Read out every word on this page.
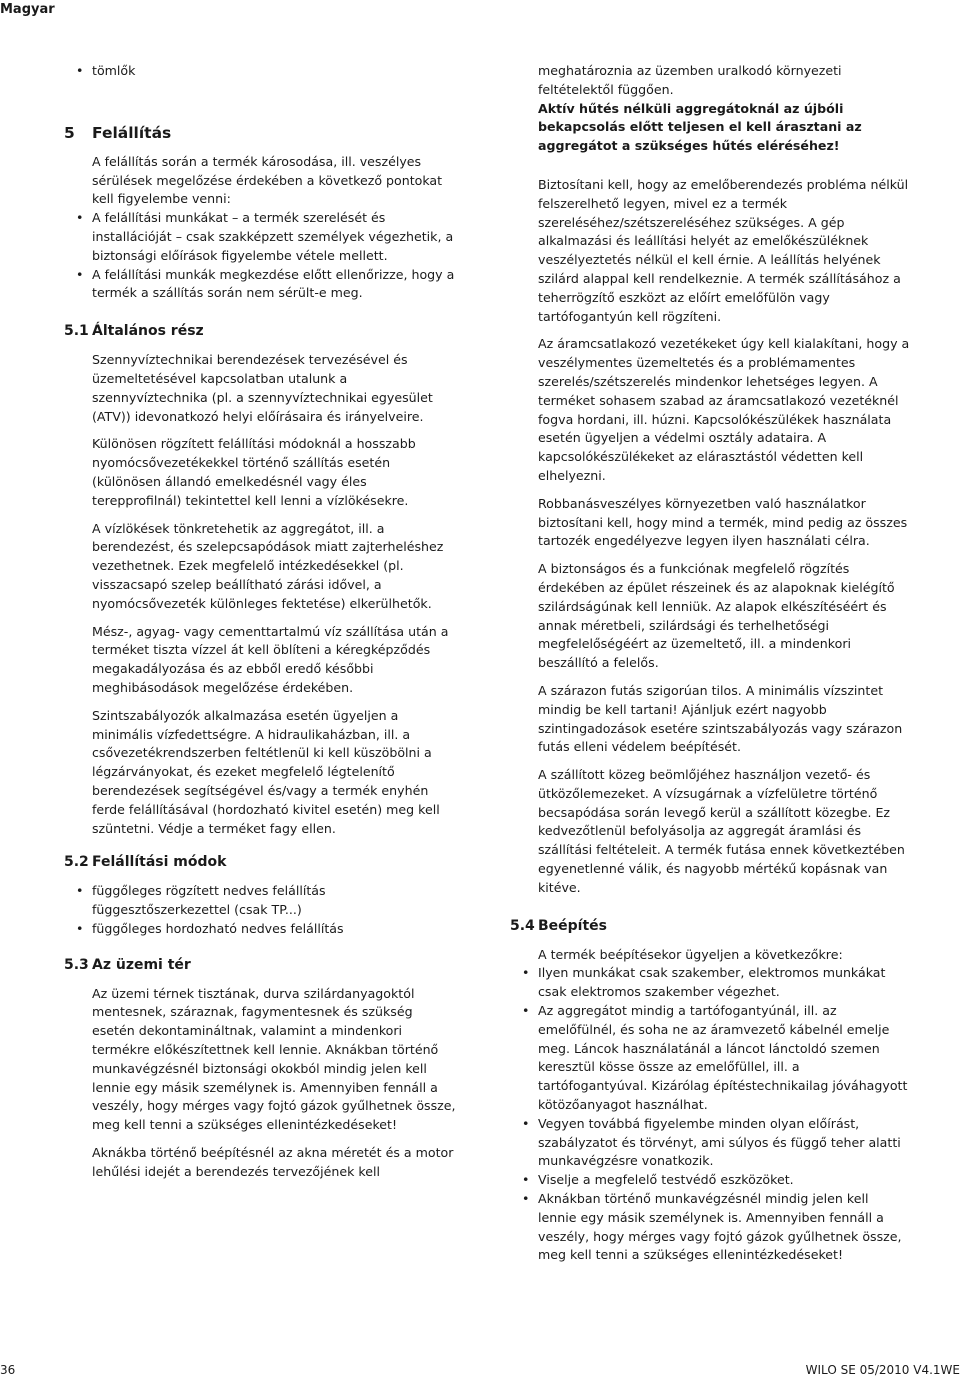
Magyar
• tömlők
5	Felállítás

A felállítás során a termék károsodása, ill. veszélyes sérülések megelőzése érdekében a következő pontokat kell figyelembe venni:

• A felállítási munkákat – a termék szerelését és installációját – csak szakképzett személyek végezhetik, a biztonsági előírások figyelembe vétele mellett.
• A felállítási munkák megkezdése előtt ellenőrizze, hogy a termék a szállítás során nem sérült-e meg.
5.1 Általános rész

Szennyvíztechnikai berendezések tervezésével és üzemeltetésével kapcsolatban utalunk a szennyvíztechnika (pl. a szennyvíztechnikai egyesület (ATV)) idevonatkozó helyi előírásaira és irányelveire.

Különösen rögzített felállítási módoknál a hosszabb nyomócsővezetékekkel történő szállítás esetén (különösen állandó emelkedésnél vagy éles terepprofilnál) tekintettel kell lenni a vízlökésekre.

A vízlökések tönkretehetik az aggregátot, ill. a berendezést, és szelepcsapódások miatt zajterheléshez vezethetnek. Ezek megfelelő intézkedésekkel (pl. visszacsapó szelep beállítható zárási idővel, a nyomócsővezeték különleges fektetése) elkerülhetők.

Mész-, agyag- vagy cementtartalmú víz szállítása után a terméket tiszta vízzel át kell öblíteni a kéregképződés megakadályozása és az ebből eredő későbbi meghibásodások megelőzése érdekében.

Szintszabályozók alkalmazása esetén ügyeljen a minimális vízfedettségre. A hidraulikaházban, ill. a csővezetékrendszerben feltétlenül ki kell küszöbölni a légzárványokat, és ezeket megfelelő légtelenítő berendezések segítségével és/vagy a termék enyhén ferde felállításával (hordozható kivitel esetén) meg kell szüntetni. Védje a terméket fagy ellen.

5.2 Felállítási módok
• függőleges rögzített nedves felállítás függesztőszerkezettel (csak TP...)
• függőleges hordozható nedves felállítás
5.3 Az üzemi tér

Az üzemi térnek tisztának, durva szilárdanyagoktól mentesnek, száraznak, fagymentesnek és szükség esetén dekontamináltnak, valamint a mindenkori termékre előkészítettnek kell lennie. Aknákban történő munkavégzésnél biztonsági okokból mindig jelen kell lennie egy másik személynek is. Amennyiben fennáll a veszély, hogy mérges vagy fojtó gázok gyűlhetnek össze, meg kell tenni a szükséges ellenintézkedéseket!

Aknákba történő beépítésnél az akna méretét és a motor lehűlési idejét a berendezés tervezőjének kell

meghatároznia az üzemben uralkodó környezeti feltételektől függően.

Aktív hűtés nélküli aggregátoknál az újbóli bekapcsolás előtt teljesen el kell árasztani az aggregátot a szükséges hűtés eléréséhez!

Biztosítani kell, hogy az emelőberendezés probléma nélkül felszerelhető legyen, mivel ez a termék szereléséhez/szétszereléséhez szükséges. A gép alkalmazási és leállítási helyét az emelőkészüléknek veszélyeztetés nélkül el kell érnie. A leállítás helyének szilárd alappal kell rendelkeznie. A termék szállításához a teherrögzítő eszközt az előírt emelőfülön vagy tartófogantyún kell rögzíteni.

Az áramcsatlakozó vezetékeket úgy kell kialakítani, hogy a veszélymentes üzemeltetés és a problémamentes szerelés/szétszerelés mindenkor lehetséges legyen. A terméket sohasem szabad az áramcsatlakozó vezetéknél fogva hordani, ill. húzni. Kapcsolókészülékek használata esetén ügyeljen a védelmi osztály adataira. A kapcsolókészülékeket az elárasztástól védetten kell elhelyezni.

Robbanásveszélyes környezetben való használatkor biztosítani kell, hogy mind a termék, mind pedig az összes tartozék engedélyezve legyen ilyen használati célra.

A biztonságos és a funkciónak megfelelő rögzítés érdekében az épület részeinek és az alapoknak kielégítő szilárdságúnak kell lenniük. Az alapok elkészítéséért és annak méretbeli, szilárdsági és terhelhetőségi megfelelőségéért az üzemeltető, ill. a mindenkori beszállító a felelős.

A szárazon futás szigorúan tilos. A minimális vízszintet mindig be kell tartani! Ajánljuk ezért nagyobb szintingadozások esetére szintszabályozás vagy szárazon futás elleni védelem beépítését.

A szállított közeg beömlőjéhez használjon vezető- és ütközőlemezeket. A vízsugárnak a vízfelületre történő becsapódása során levegő kerül a szállított közegbe. Ez kedvezőtlenül befolyásolja az aggregát áramlási és szállítási feltételeit. A termék futása ennek következtében egyenetlenné válik, és nagyobb mértékű kopásnak van kitéve.

5.4 Beépítés

A termék beépítésekor ügyeljen a következőkre:

• Ilyen munkákat csak szakember, elektromos munkákat csak elektromos szakember végezhet.
• Az aggregátot mindig a tartófogantyúnál, ill. az emelőfülnél, és soha ne az áramvezető kábelnél emelje meg. Láncok használatánál a láncot lánctoldó szemen keresztül kösse össze az emelőfüllel, ill. a tartófogantyúval. Kizárólag építéstechnikailag jóváhagyott kötözőanyagot használhat.
• Vegyen továbbá figyelembe minden olyan előírást, szabályzatot és törvényt, ami súlyos és függő teher alatti munkavégzésre vonatkozik.
• Viselje a megfelelő testvédő eszközöket.
• Aknákban történő munkavégzésnél mindig jelen kell lennie egy másik személynek is. Amennyiben fennáll a veszély, hogy mérges vagy fojtó gázok gyűlhetnek össze, meg kell tenni a szükséges ellenintézkedéseket!
36	WILO SE 05/2010 V4.1WE
